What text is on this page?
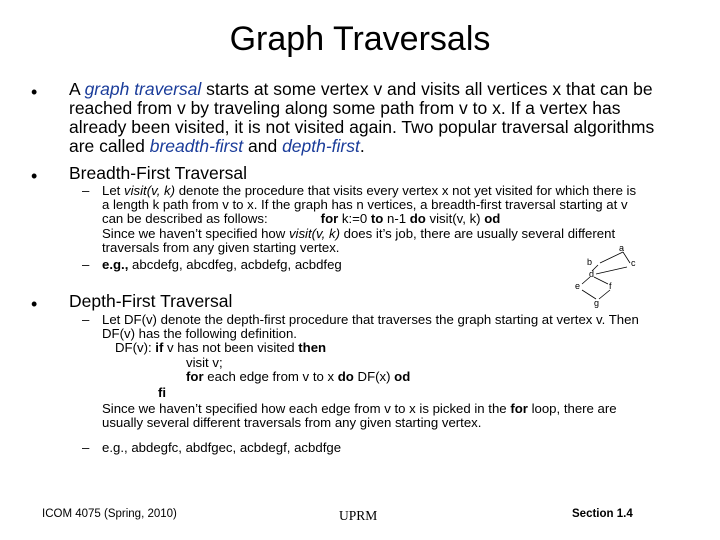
Graph Traversals
• A graph traversal starts at some vertex v and visits all vertices x that can be
reached from v by traveling along some path from v to x. If a vertex has
already been visited, it is not visited again. Two popular traversal algorithms
are called breadth-first and depth-first.
• Breadth-First Traversal
– Let visit(v, k) denote the procedure that visits every vertex x not yet visited for which there is
a length k path from v to x. If the graph has n vertices, a breadth-first traversal starting at v
can be described as follows:	for k:=0 to n-1 do visit(v, k) od
Since we haven’t specified how visit(v, k) does it’s job, there are usually several different
traversals from any given starting vertex.
– e.g., abcdefg, abcdfeg, acbdefg, acbdfeg
a
b	c
d
e	f
g
• Depth-First Traversal
– Let DF(v) denote the depth-first procedure that traverses the graph starting at vertex v. Then
DF(v) has the following definition.
DF(v): if v has not been visited then
visit v;
for each edge from v to x do DF(x) od
fi
Since we haven’t specified how each edge from v to x is picked in the for loop, there are
usually several different traversals from any given starting vertex.
– e.g., abdegfc, abdfgec, acbdegf, acbdfge
ICOM 4075 (Spring, 2010)	UPRM	Section 1.4
